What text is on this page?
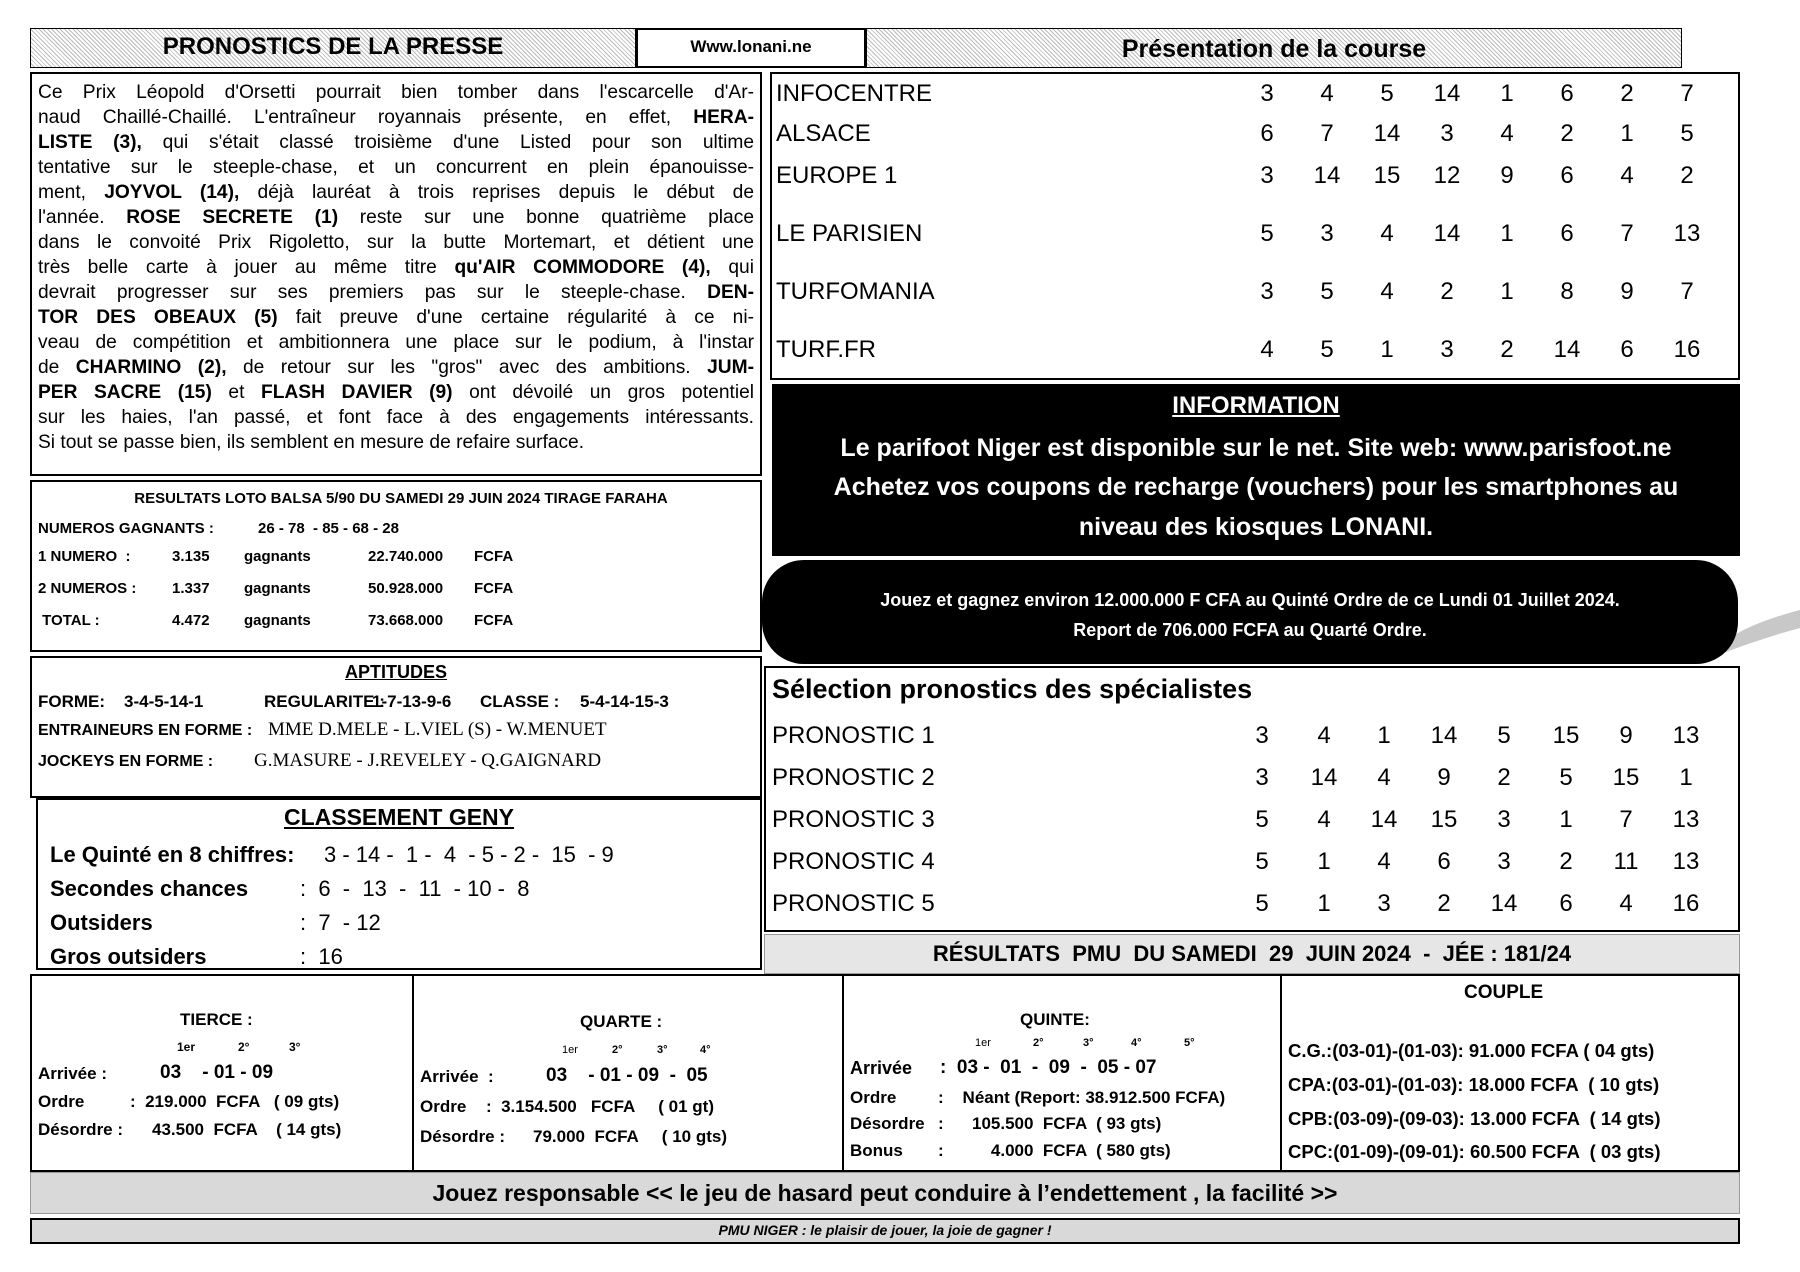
PRONOSTICS DE LA PRESSE	Www.lonani.ne	Présentation de la course
Ce Prix Léopold d'Orsetti pourrait bien tomber dans l'escarcelle d'Ar-
naud Chaillé-Chaillé. L'entraîneur royannais présente, en effet, HERA-
LISTE (3), qui s'était classé troisième d'une Listed pour son ultime
tentative sur le steeple-chase, et un concurrent en plein épanouisse-
ment, JOYVOL (14), déjà lauréat à trois reprises depuis le début de
l'année. ROSE SECRETE (1) reste sur une bonne quatrième place
dans le convoité Prix Rigoletto, sur la butte Mortemart, et détient une
très belle carte à jouer au même titre qu'AIR COMMODORE (4), qui
devrait progresser sur ses premiers pas sur le steeple-chase. DEN-
TOR DES OBEAUX (5) fait preuve d'une certaine régularité à ce ni-
veau de compétition et ambitionnera une place sur le podium, à l'instar
de CHARMINO (2), de retour sur les "gros" avec des ambitions. JUM-
PER SACRE (15) et FLASH DAVIER (9) ont dévoilé un gros potentiel
sur les haies, l'an passé, et font face à des engagements intéressants.
Si tout se passe bien, ils semblent en mesure de refaire surface.
INFOCENTRE	3	4	5	14	1	6	2	7
ALSACE	6	7	14	3	4	2	1	5
EUROPE 1	3	14	15	12	9	6	4	2
LE PARISIEN	5	3	4	14	1	6	7	13
TURFOMANIA	3	5	4	2	1	8	9	7
TURF.FR	4	5	1	3	2	14	6	16
RESULTATS LOTO BALSA 5/90 DU SAMEDI 29 JUIN 2024 TIRAGE FARAHA
NUMEROS GAGNANTS :	26 - 78  - 85 - 68 - 28
1 NUMERO  :	3.135 gagnants	22.740.000 FCFA
2 NUMEROS : 1.337 gagnants	50.928.000 FCFA
TOTAL :	4.472 gagnants	73.668.000 FCFA
INFORMATION
Le parifoot Niger est disponible sur le net. Site web: www.parisfoot.ne
Achetez vos coupons de recharge (vouchers) pour les smartphones au
niveau des kiosques LONANI.
Jouez et gagnez environ 12.000.000 F CFA au Quinté Ordre de ce Lundi 01 Juillet 2024.
Report de 706.000 FCFA au Quarté Ordre.
APTITUDES
FORME: 3-4-5-14-1	REGULARITE :
1-7-13-9-6 CLASSE : 5-4-14-15-3
ENTRAINEURS EN FORME : MME D.MELE - L.VIEL (S) - W.MENUET
JOCKEYS EN FORME : G.MASURE - J.REVELEY - Q.GAIGNARD
Sélection pronostics des spécialistes
PRONOSTIC 1	3	4	1	14	5	15	9	13
PRONOSTIC 2	3	14	4	9	2	5	15	1
PRONOSTIC 3	5	4	14	15	3	1	7	13
PRONOSTIC 4	5	1	4	6	3	2	11	13
PRONOSTIC 5	5	1	3	2	14	6	4	16
CLASSEMENT GENY
Le Quinté en 8 chiffres: 3 - 14 -  1 -  4  - 5 - 2 -  15  - 9
Secondes chances :  6  -  13  -  11  - 10 -  8
Outsiders	:  7  - 12
Gros outsiders	:  16	RÉSULTATS  PMU  DU SAMEDI  29  JUIN 2024  -  JÉE : 181/24
TIERCE :
1er	2°	3°
Arrivée :	03    - 01 - 09
Ordre	:  219.000  FCFA   ( 09 gts)
Désordre : 43.500  FCFA    ( 14 gts)
QUARTE :
1er	2°	3°	4°
Arrivée  :	03    - 01 - 09  -  05
Ordre :  3.154.500   FCFA     ( 01 gt)
Désordre : 79.000  FCFA     ( 10 gts)
QUINTE:
1er	2°	3°	4°	5°
Arrivée :  03 -  01  -  09  -  05 - 07
Ordre :    Néant (Report: 38.912.500 FCFA)
Désordre :      105.500  FCFA  ( 93 gts)
Bonus :          4.000  FCFA  ( 580 gts)
COUPLE
C.G.:(03-01)-(01-03): 91.000 FCFA ( 04 gts)
CPA:(03-01)-(01-03): 18.000 FCFA  ( 10 gts)
CPB:(03-09)-(09-03): 13.000 FCFA  ( 14 gts)
CPC:(01-09)-(09-01): 60.500 FCFA  ( 03 gts)
Jouez responsable << le jeu de hasard peut conduire à l’endettement , la facilité >>
PMU NIGER : le plaisir de jouer, la joie de gagner !
